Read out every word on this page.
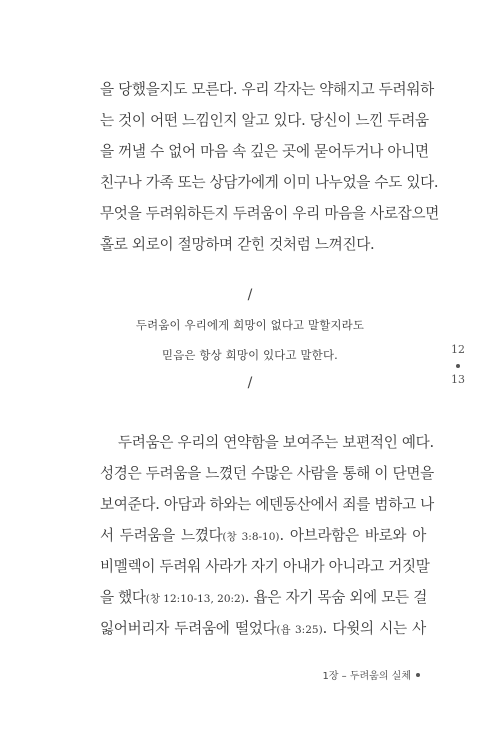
을 당했을지도 모른다. 우리 각자는 약해지고 두려워하
는 것이 어떤 느낌인지 알고 있다. 당신이 느낀 두려움
을 꺼낼 수 없어 마음 속 깊은 곳에 묻어두거나 아니면
친구나 가족 또는 상담가에게 이미 나누었을 수도 있다.
무엇을 두려워하든지 두려움이 우리 마음을 사로잡으면
홀로 외로이 절망하며 갇힌 것처럼 느껴진다.
/
두려움이 우리에게 희망이 없다고 말할지라도
믿음은 항상 희망이 있다고 말한다.
/
12
13
두려움은 우리의 연약함을 보여주는 보편적인 예다.
성경은 두려움을 느꼈던 수많은 사람을 통해 이 단면을
보여준다. 아담과 하와는 에덴동산에서 죄를 범하고 나
서 두려움을 느꼈다(창 3:8-10). 아브라함은 바로와 아
비멜렉이 두려워 사라가 자기 아내가 아니라고 거짓말
을 했다(창 12:10-13, 20:2). 욥은 자기 목숨 외에 모든 걸
잃어버리자 두려움에 떨었다(욥 3:25). 다윗의 시는 사
1장 – 두려움의 실체
